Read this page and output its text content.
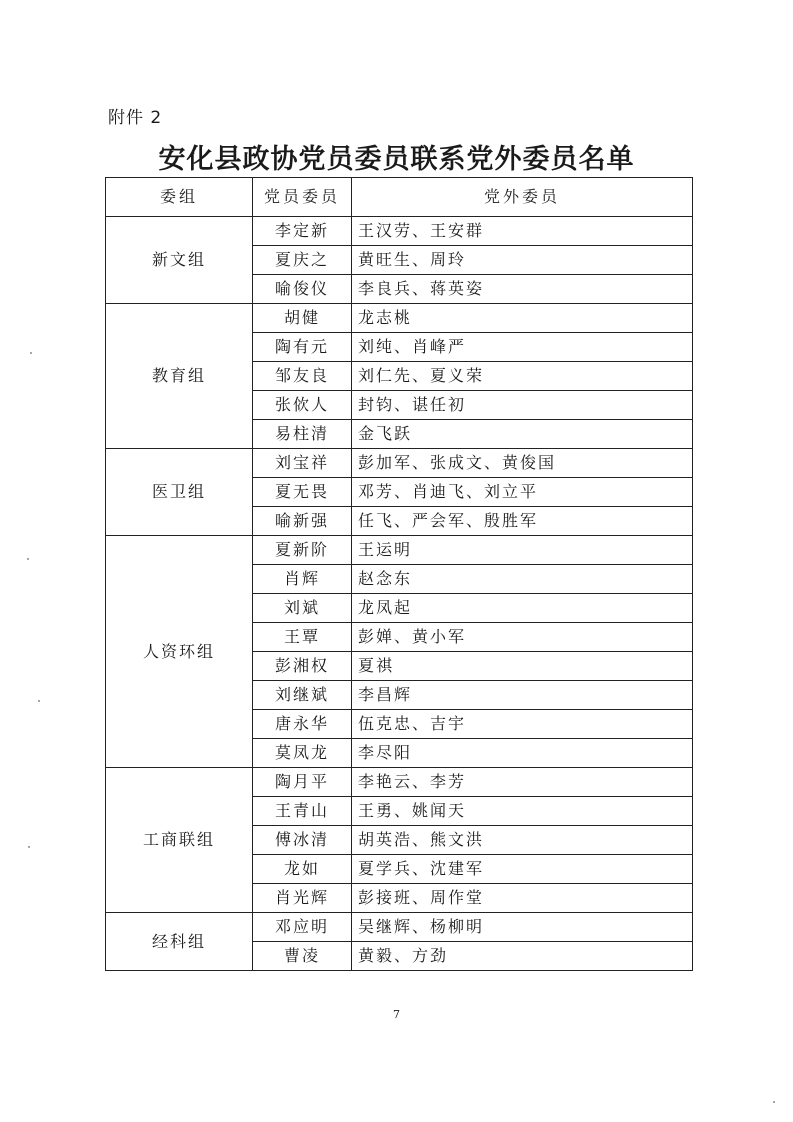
附件 2
安化县政协党员委员联系党外委员名单
委组	党员委员	党外委员
新文组	李定新	王汉劳、王安群
	夏庆之	黄旺生、周玲
	喻俊仪	李良兵、蒋英姿
教育组	胡健	龙志桃
	陶有元	刘纯、肖峰严
	邹友良	刘仁先、夏义荣
	张佽人	封钧、谌任初
	易柱清	金飞跃
医卫组	刘宝祥	彭加军、张成文、黄俊国
	夏无畏	邓芳、肖迪飞、刘立平
	喻新强	任飞、严会军、殷胜军
人资环组	夏新阶	王运明
	肖辉	赵念东
	刘斌	龙凤起
	王覃	彭婵、黄小军
	彭湘权	夏祺
	刘继斌	李昌辉
	唐永华	伍克忠、吉宇
	莫凤龙	李尽阳
工商联组	陶月平	李艳云、李芳
	王青山	王勇、姚闻天
	傅冰清	胡英浩、熊文洪
	龙如	夏学兵、沈建军
	肖光辉	彭接班、周作堂
经科组	邓应明	吴继辉、杨柳明
	曹凌	黄毅、方劲
7
